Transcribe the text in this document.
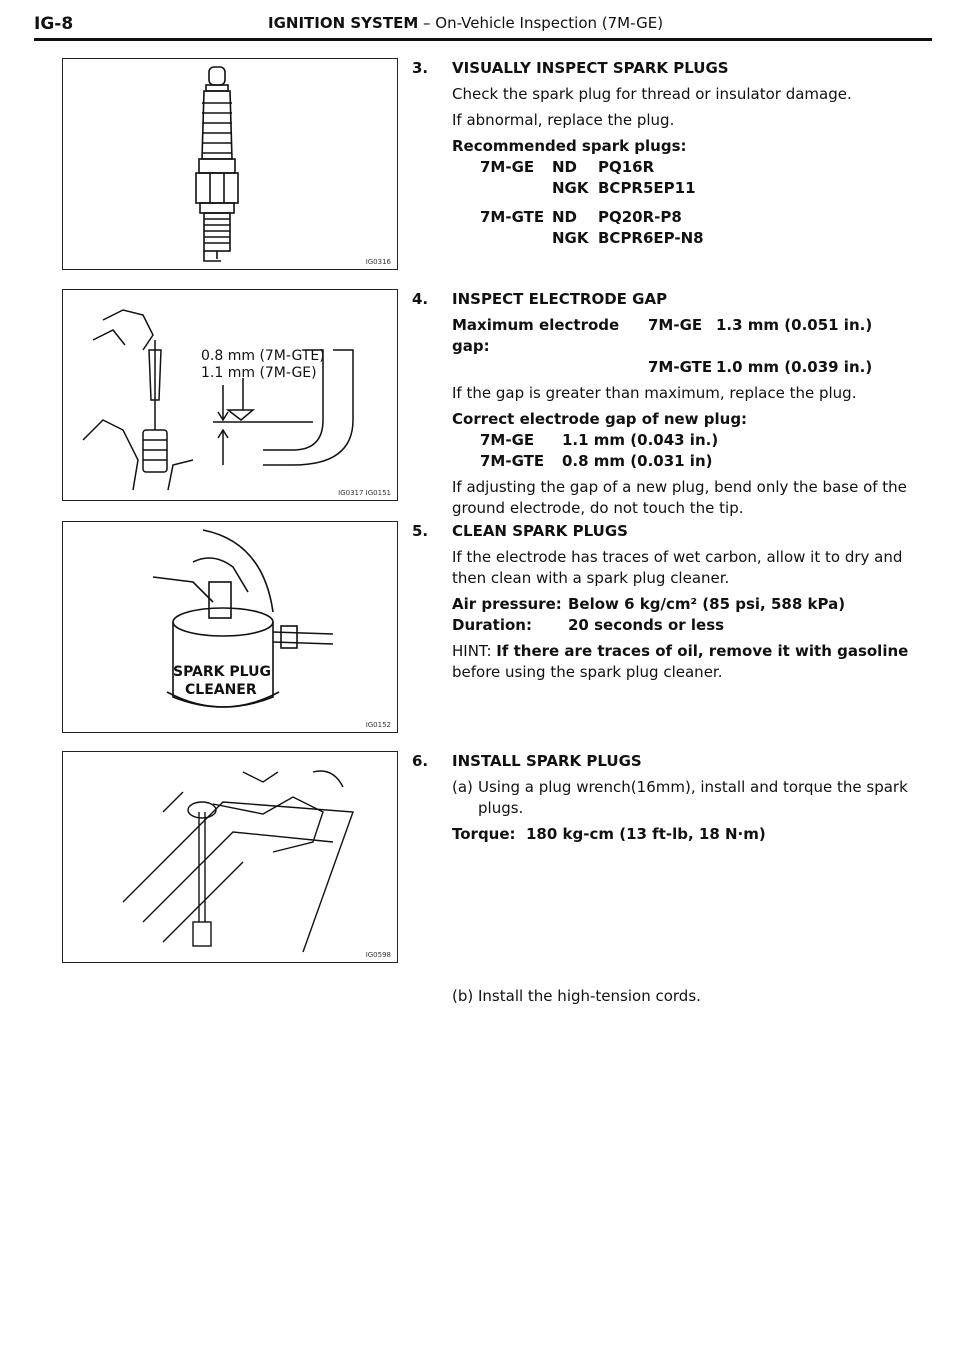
IG-8	IGNITION SYSTEM – On-Vehicle Inspection (7M-GE)
IG0316
0.8 mm (7M-GTE)
1.1 mm (7M-GE)
IG0317 IG0151
SPARK PLUG
CLEANER
IG0152
IG0598
3. VISUALLY INSPECT SPARK PLUGS

Check the spark plug for thread or insulator damage.

If abnormal, replace the plug.

Recommended spark plugs:
7M-GE	ND	PQ16R
NGK BCPR5EP11
7M-GTE ND	PQ20R-P8
NGK BCPR6EP-N8
4. INSPECT ELECTRODE GAP
Maximum electrode gap:
7M-GE 1.3 mm (0.051 in.)
7M-GTE 1.0 mm (0.039 in.)

If the gap is greater than maximum, replace the plug.

Correct electrode gap of new plug:
7M-GE	1.1 mm (0.043 in.)
7M-GTE	0.8 mm (0.031 in)

If adjusting the gap of a new plug, bend only the base of the ground electrode, do not touch the tip.

5. CLEAN SPARK PLUGS

If the electrode has traces of wet carbon, allow it to dry and then clean with a spark plug cleaner.

Air pressure: Below 6 kg/cm² (85 psi, 588 kPa)
Duration:	20 seconds or less

HINT: If there are traces of oil, remove it with gasoline before using the spark plug cleaner.

6. INSTALL SPARK PLUGS
(a) Using a plug wrench(16mm), install and torque the spark plugs.
Torque: 180 kg-cm (13 ft-lb, 18 N·m)
(b) Install the high-tension cords.
